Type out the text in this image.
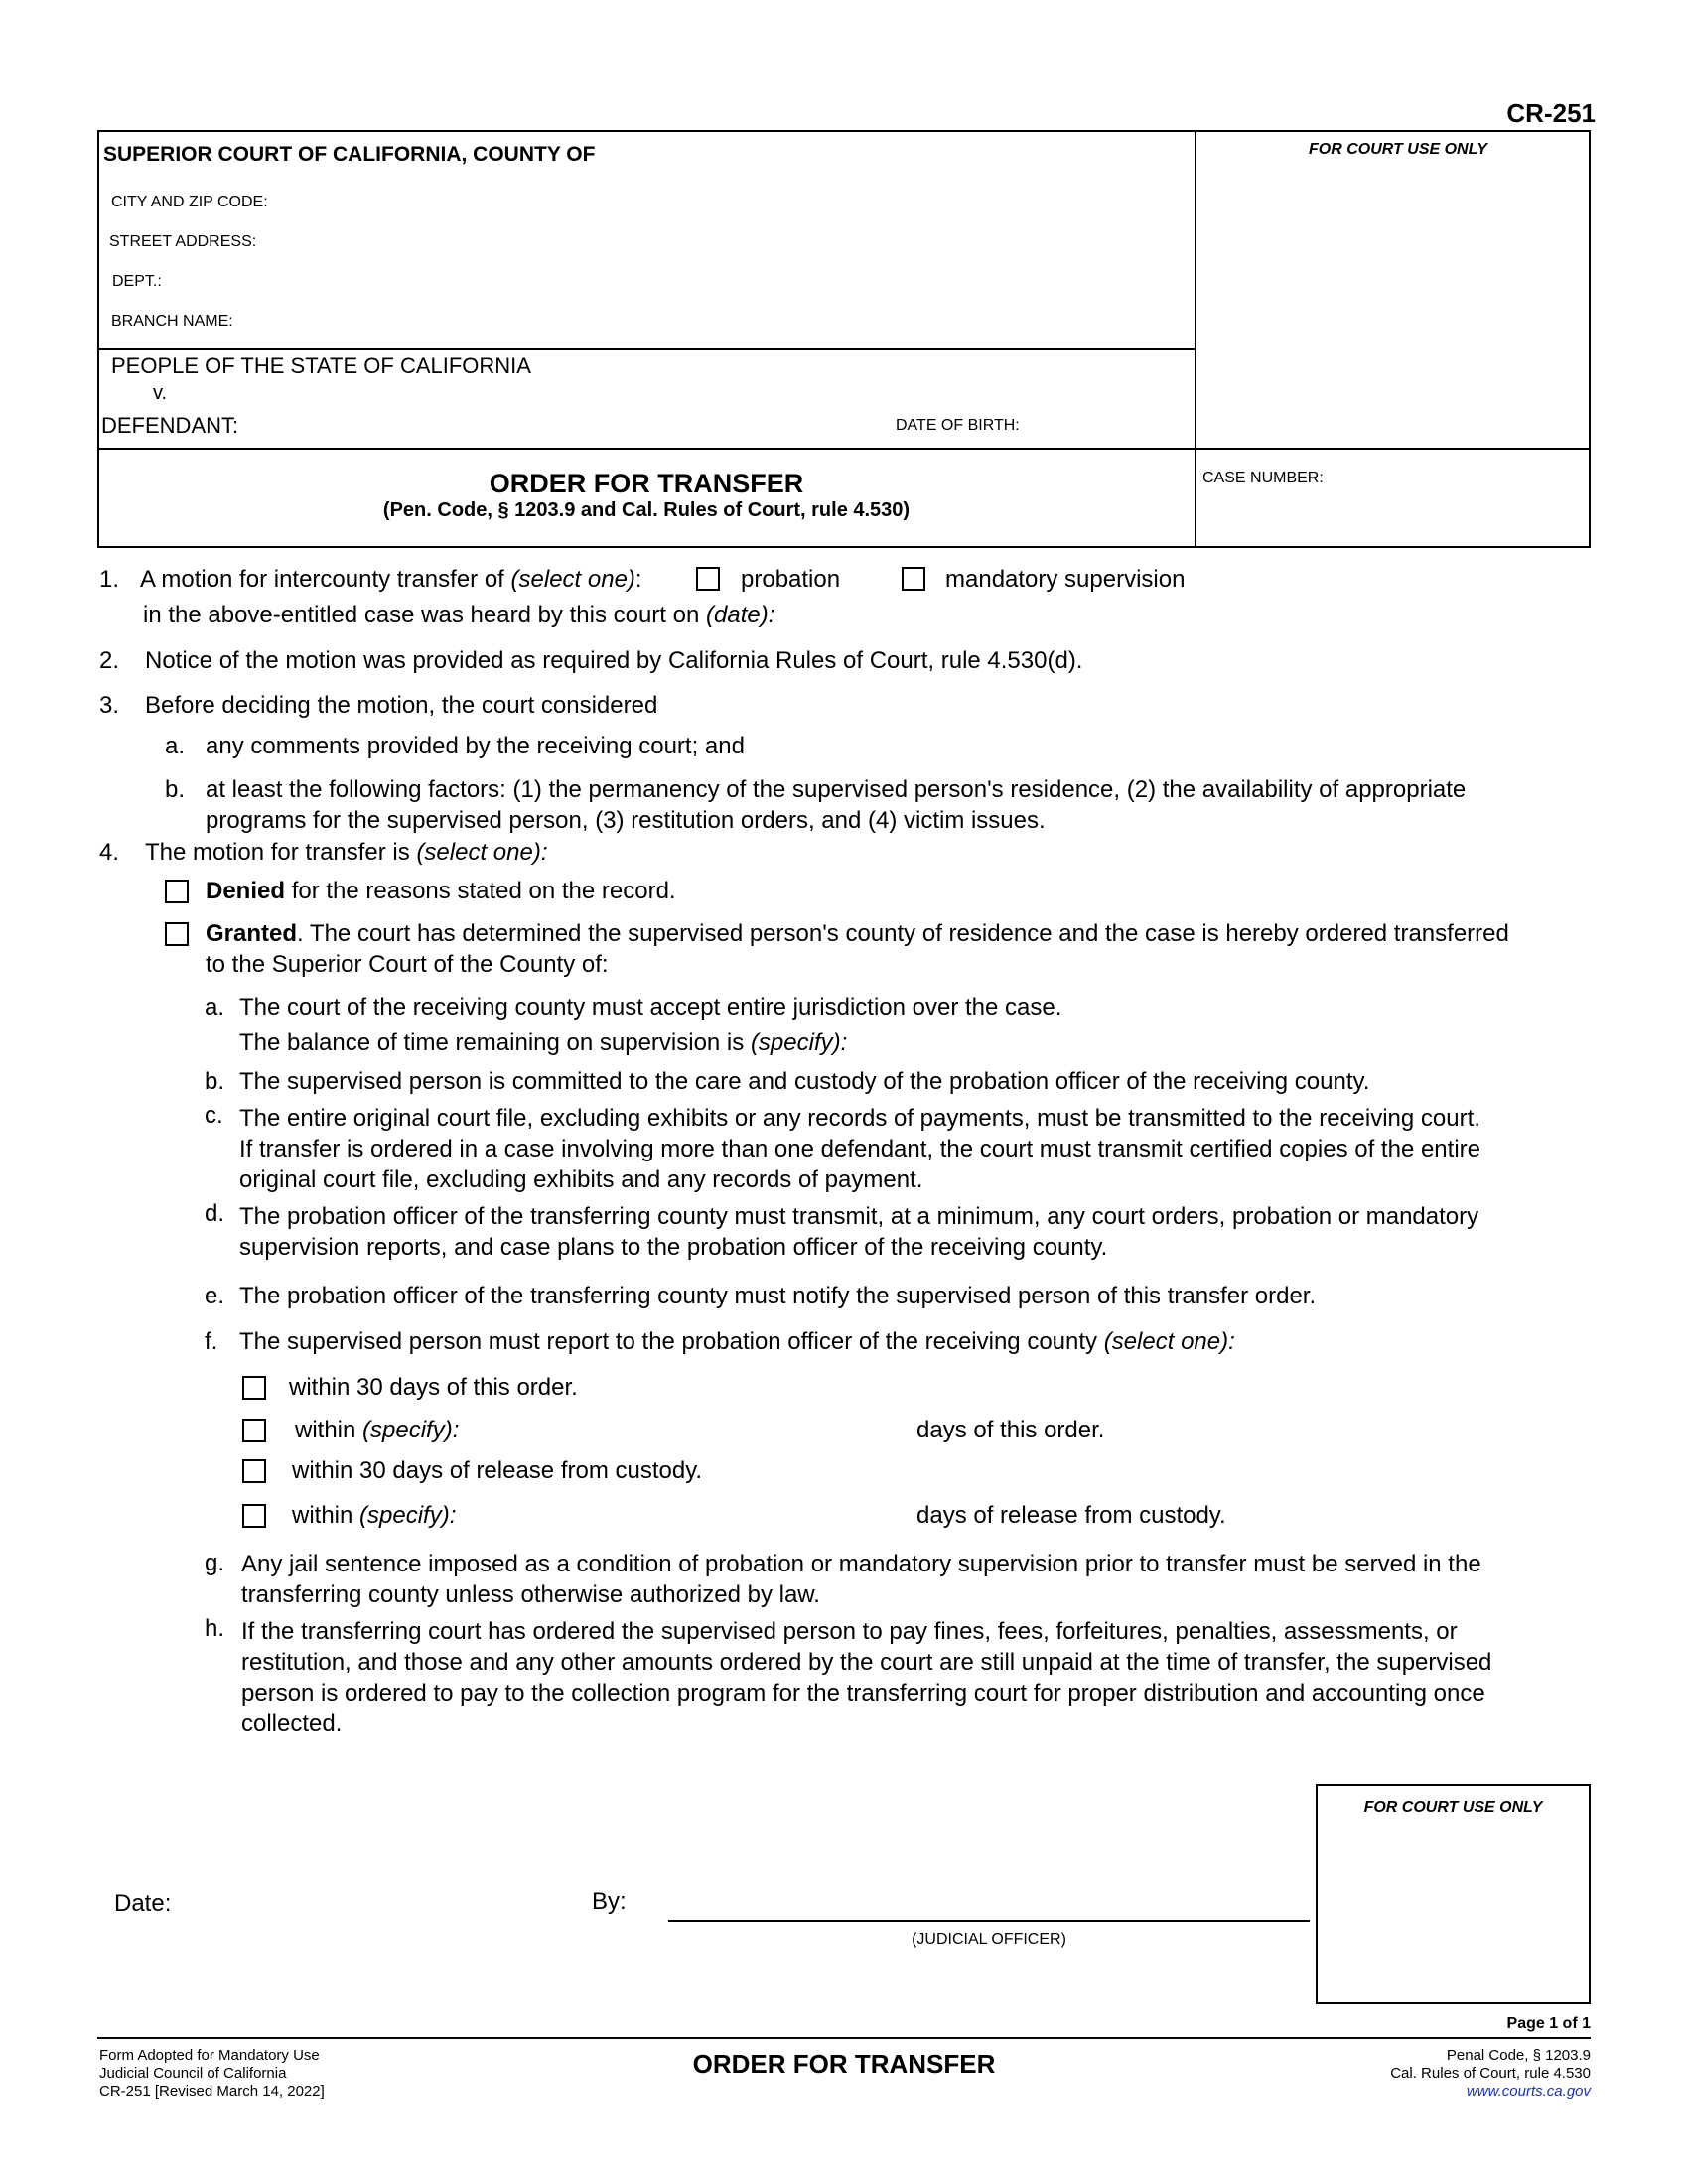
CR-251
SUPERIOR COURT OF CALIFORNIA, COUNTY OF	FOR COURT USE ONLY
CITY AND ZIP CODE:
STREET ADDRESS:
DEPT.:
BRANCH NAME:
PEOPLE OF THE STATE OF CALIFORNIA
v.
DEFENDANT:	DATE OF BIRTH:
ORDER FOR TRANSFER
(Pen. Code, § 1203.9 and Cal. Rules of Court, rule 4.530)
CASE NUMBER:
1. A motion for intercounty transfer of (select one):	probation	mandatory supervision
in the above-entitled case was heard by this court on (date):
2. Notice of the motion was provided as required by California Rules of Court, rule 4.530(d).
3. Before deciding the motion, the court considered
a. any comments provided by the receiving court; and
b. at least the following factors: (1) the permanency of the supervised person's residence, (2) the availability of appropriate
programs for the supervised person, (3) restitution orders, and (4) victim issues.
4. The motion for transfer is (select one):
Denied for the reasons stated on the record.
Granted. The court has determined the supervised person's county of residence and the case is hereby ordered transferred
to the Superior Court of the County of:
a. The court of the receiving county must accept entire jurisdiction over the case.
The balance of time remaining on supervision is (specify):
b. The supervised person is committed to the care and custody of the probation officer of the receiving county.
c. The entire original court file, excluding exhibits or any records of payments, must be transmitted to the receiving court.
If transfer is ordered in a case involving more than one defendant, the court must transmit certified copies of the entire
original court file, excluding exhibits and any records of payment.
d. The probation officer of the transferring county must transmit, at a minimum, any court orders, probation or mandatory
supervision reports, and case plans to the probation officer of the receiving county.
e. The probation officer of the transferring county must notify the supervised person of this transfer order.
f. The supervised person must report to the probation officer of the receiving county (select one):
within 30 days of this order.
within (specify):	days of this order.
within 30 days of release from custody.
within (specify):	days of release from custody.
g. Any jail sentence imposed as a condition of probation or mandatory supervision prior to transfer must be served in the
transferring county unless otherwise authorized by law.
h. If the transferring court has ordered the supervised person to pay fines, fees, forfeitures, penalties, assessments, or
restitution, and those and any other amounts ordered by the court are still unpaid at the time of transfer, the supervised
person is ordered to pay to the collection program for the transferring court for proper distribution and accounting once
collected.
Date:	By:
(JUDICIAL OFFICER)
FOR COURT USE ONLY
Page 1 of 1
Form Adopted for Mandatory Use
Judicial Council of California
CR-251 [Revised March 14, 2022]
ORDER FOR TRANSFER	Penal Code, § 1203.9
Cal. Rules of Court, rule 4.530
www.courts.ca.gov
